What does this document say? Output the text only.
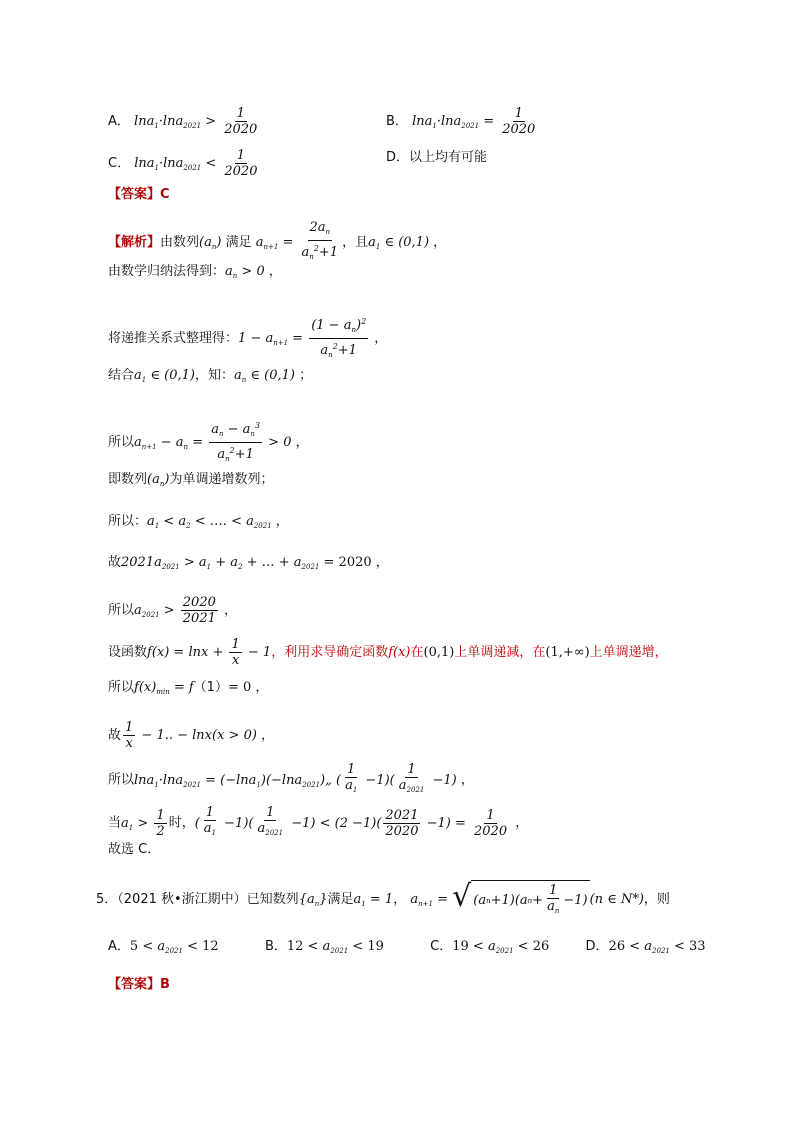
A． $\ln a_1\cdot\ln a_{2021} > \frac{1}{2020}$	B． $\ln a_1\cdot\ln a_{2021} = \frac{1}{2020}$
C． $\ln a_1\cdot\ln a_{2021} < \frac{1}{2020}$	D．以上均有可能
【答案】C
【解析】由数列$(a_n)$ 满足 $a_{n+1} = \frac{2a_n}{a_n^2+1}$ ，且$a_1$ ∈ (0,1) ，
由数学归纳法得到：$a_n > 0$ ，
将递推关系式整理得：$1 - a_{n+1} = \frac{(1 - a_n)^2}{a_n^2+1}$ ，
结合$a_1$ ∈ (0,1)，知：$a_n$ ∈ (0,1) ；
所以$a_{n+1} - a_n = \frac{a_n - a_n^3}{a_n^2+1} > 0$ ，
即数列$(a_n)$为单调递增数列；
所以：$a_1 < a_2$ < …. < $a_{2021}$ ，
故$2021a_{2021} > a_1 + a_2$ + … + $a_{2021} = 2020$ ，
所以$a_{2021} > \frac{2020}{2021}$ ，
设函数$f(x) = \ln x + \frac{1}{x} - 1$，利用求导确定函数f(x)在(0,1)上单调递减，在(1,+∞)上单调递增，
所以$f(x)_{min} = f(1)= 0$ ，
故 $\frac{1}{x} - 1$.. − lnx(x > 0) ，
所以lna$_1$·lna$_{2021}$ = (−lna$_1$)(−lna$_{2021}$)„ ( $\frac{1}{a_1} -1)( \frac{1}{a_{2021}} -1)$ ，
当$a_1 > \frac{1}{2}$ 时，( $\frac{1}{a_1} -1)( \frac{1}{a_{2021}} -1) < (2 -1)( \frac{2021}{2020} -1) = \frac{1}{2020}$ ，
故选 C．
5．（2021 秋•浙江期中）已知数列$\{a_n\}$满足$a_1 = 1$， $a_{n+1}$ = √ (a n +1)(a $n + \frac{1}{a_n} -1$) (n ∈ N*)，则
A．$5 < a_{2021} < 12$	B．$12 < a_{2021} < 19$	C．$19 < a_{2021} < 26$	D．$26 < a_{2021} < 33$
【答案】B
